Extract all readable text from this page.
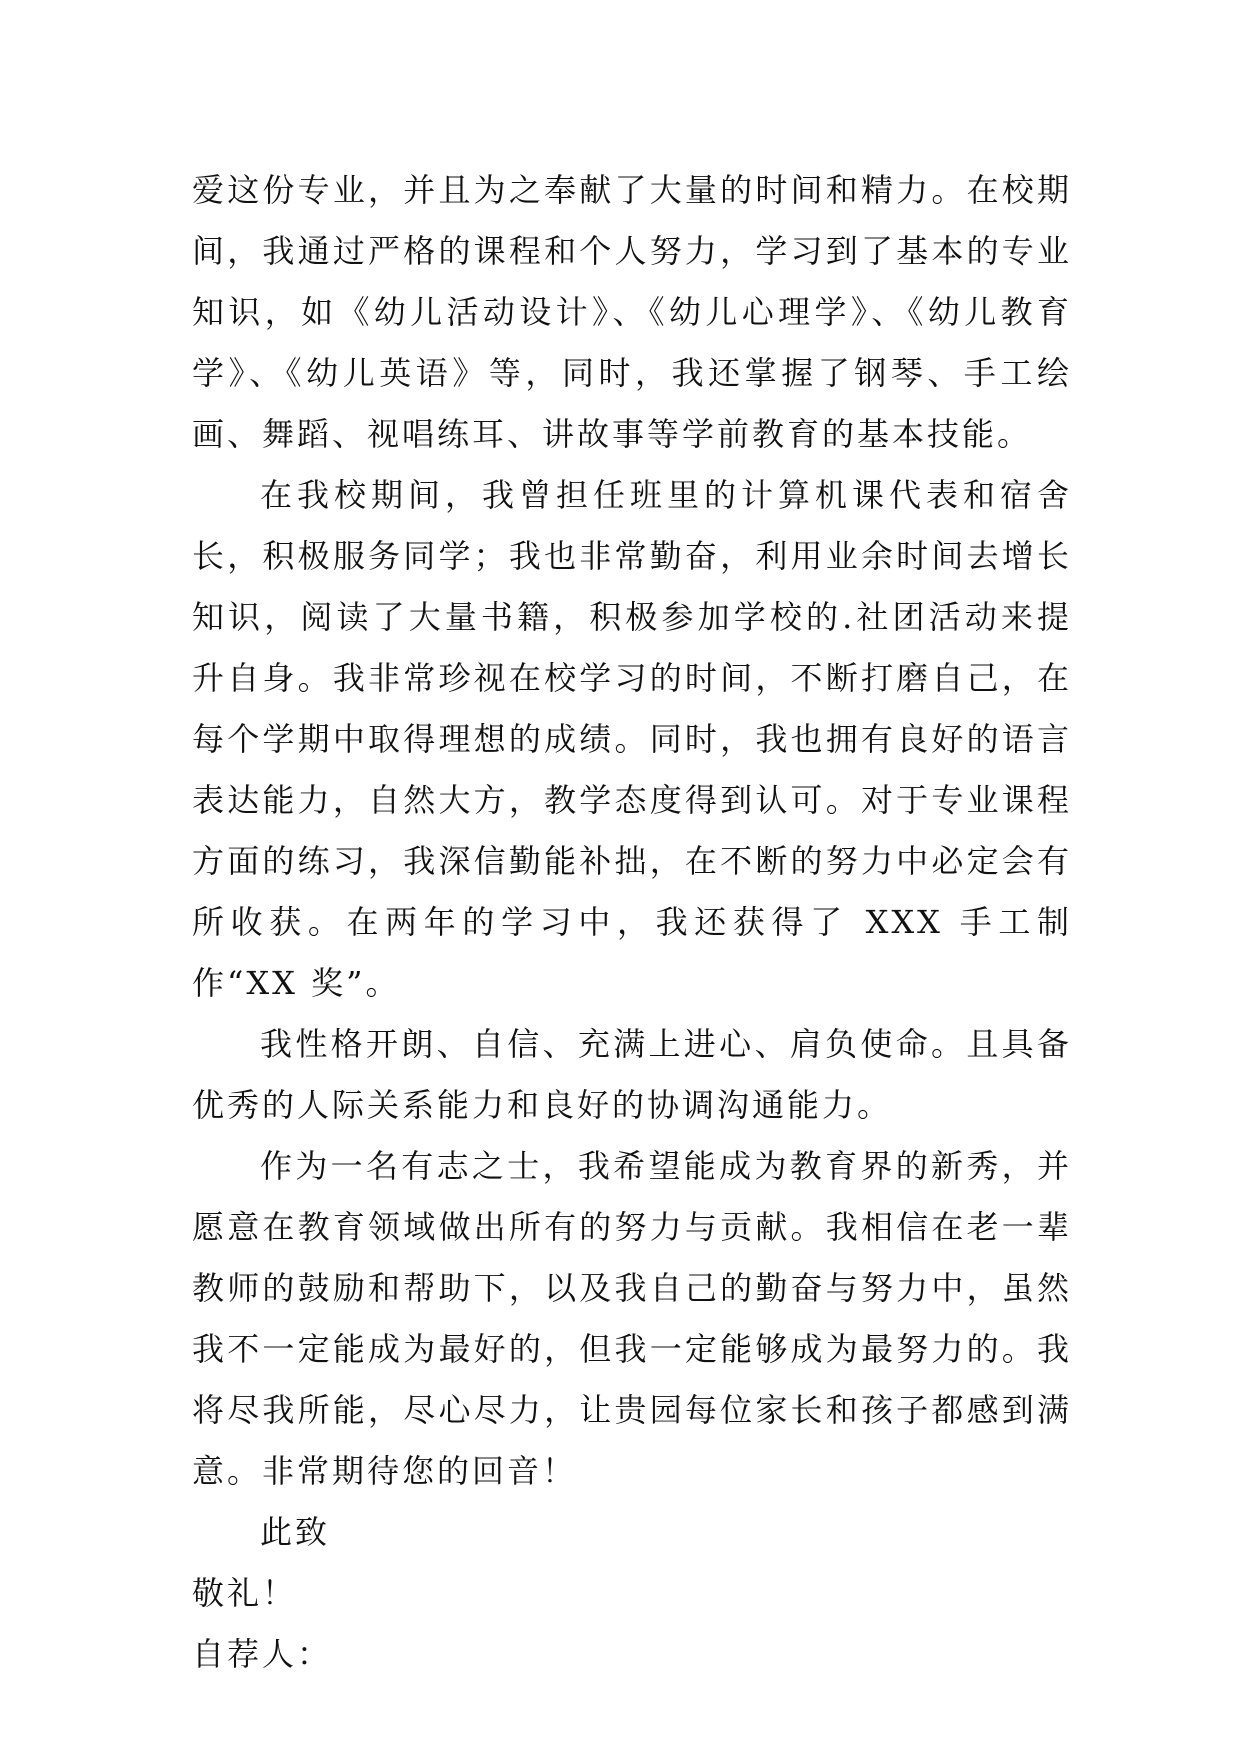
爱这份专业，并且为之奉献了大量的时间和精力。在校期间，我通过严格的课程和个人努力，学习到了基本的专业知识，如《幼儿活动设计》、《幼儿心理学》、《幼儿教育学》、《幼儿英语》等，同时，我还掌握了钢琴、手工绘画、舞蹈、视唱练耳、讲故事等学前教育的基本技能。

在我校期间，我曾担任班里的计算机课代表和宿舍长，积极服务同学；我也非常勤奋，利用业余时间去增长知识，阅读了大量书籍，积极参加学校的.社团活动来提升自身。我非常珍视在校学习的时间，不断打磨自己，在每个学期中取得理想的成绩。同时，我也拥有良好的语言表达能力，自然大方，教学态度得到认可。对于专业课程方面的练习，我深信勤能补拙，在不断的努力中必定会有所收获。在两年的学习中，我还获得了 XXX 手工制作“XX 奖”。

我性格开朗、自信、充满上进心、肩负使命。且具备优秀的人际关系能力和良好的协调沟通能力。

作为一名有志之士，我希望能成为教育界的新秀，并愿意在教育领域做出所有的努力与贡献。我相信在老一辈教师的鼓励和帮助下，以及我自己的勤奋与努力中，虽然我不一定能成为最好的，但我一定能够成为最努力的。我将尽我所能，尽心尽力，让贵园每位家长和孩子都感到满意。非常期待您的回音！

此致

敬礼！

自荐人：
